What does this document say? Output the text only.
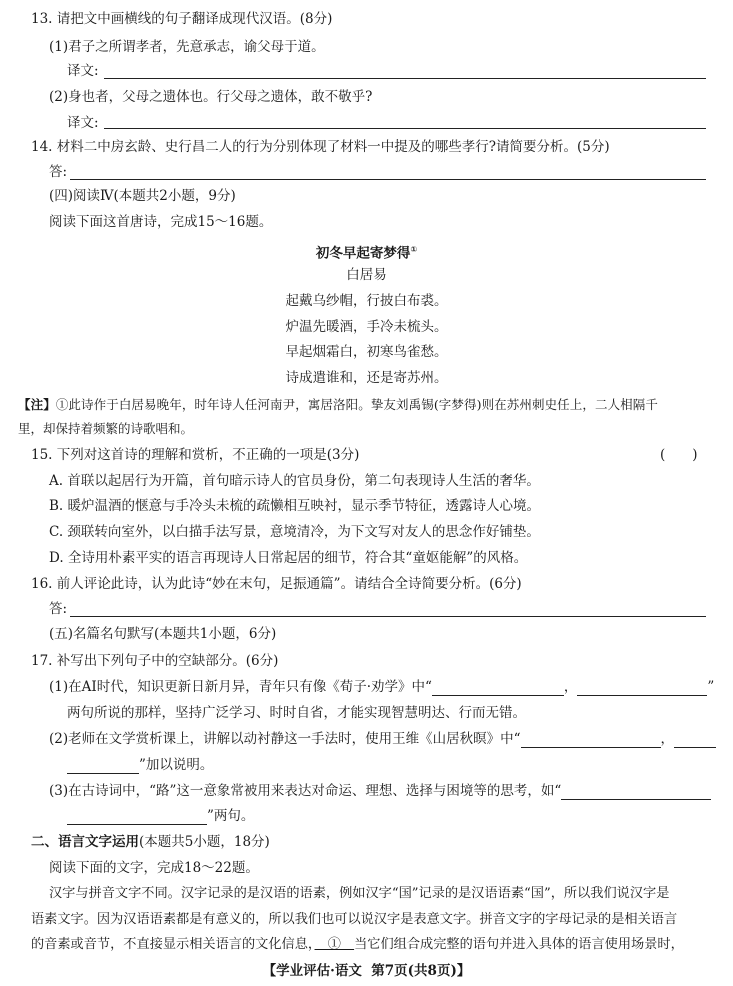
13. 请把文中画横线的句子翻译成现代汉语。(8分)
(1)君子之所谓孝者，先意承志，谕父母于道。
译文:
(2)身也者，父母之遗体也。行父母之遗体，敢不敬乎?
译文:
14. 材料二中房玄龄、史行昌二人的行为分别体现了材料一中提及的哪些孝行?请简要分析。(5分)
答:
(四)阅读Ⅳ(本题共2小题，9分)
阅读下面这首唐诗，完成15～16题。
初冬早起寄梦得①
白居易
起戴乌纱帽，行披白布裘。
炉温先暖酒，手冷未梳头。
早起烟霜白，初寒鸟雀愁。
诗成遣谁和，还是寄苏州。
【注】①此诗作于白居易晚年，时年诗人任河南尹，寓居洛阳。挚友刘禹锡(字梦得)则在苏州刺史任上，二人相隔千
里，却保持着频繁的诗歌唱和。
15. 下列对这首诗的理解和赏析，不正确的一项是(3分)	(　　)
A. 首联以起居行为开篇，首句暗示诗人的官员身份，第二句表现诗人生活的奢华。
B. 暖炉温酒的惬意与手冷头未梳的疏懒相互映衬，显示季节特征，透露诗人心境。
C. 颈联转向室外，以白描手法写景，意境清冷，为下文写对友人的思念作好铺垫。
D. 全诗用朴素平实的语言再现诗人日常起居的细节，符合其“童妪能解”的风格。
16. 前人评论此诗，认为此诗“妙在末句，足振通篇”。请结合全诗简要分析。(6分)
答:
(五)名篇名句默写(本题共1小题，6分)
17. 补写出下列句子中的空缺部分。(6分)
(1)在AI时代，知识更新日新月异，青年只有像《荀子·劝学》中“	，	”
两句所说的那样，坚持广泛学习、时时自省，才能实现智慧明达、行而无错。
(2)老师在文学赏析课上，讲解以动衬静这一手法时，使用王维《山居秋暝》中“	，
”加以说明。
(3)在古诗词中，“路”这一意象常被用来表达对命运、理想、选择与困境等的思考，如“
”两句。
二、语言文字运用(本题共5小题，18分)
阅读下面的文字，完成18～22题。
汉字与拼音文字不同。汉字记录的是汉语的语素，例如汉字“国”记录的是汉语语素“国”，所以我们说汉字是
语素文字。因为汉语语素都是有意义的，所以我们也可以说汉字是表意文字。拼音文字的字母记录的是相关语言
的音素或音节，不直接显示相关语言的文化信息，　①　当它们组合成完整的语句并进入具体的语言使用场景时，
【学业评估·语文 第7页(共8页)】
